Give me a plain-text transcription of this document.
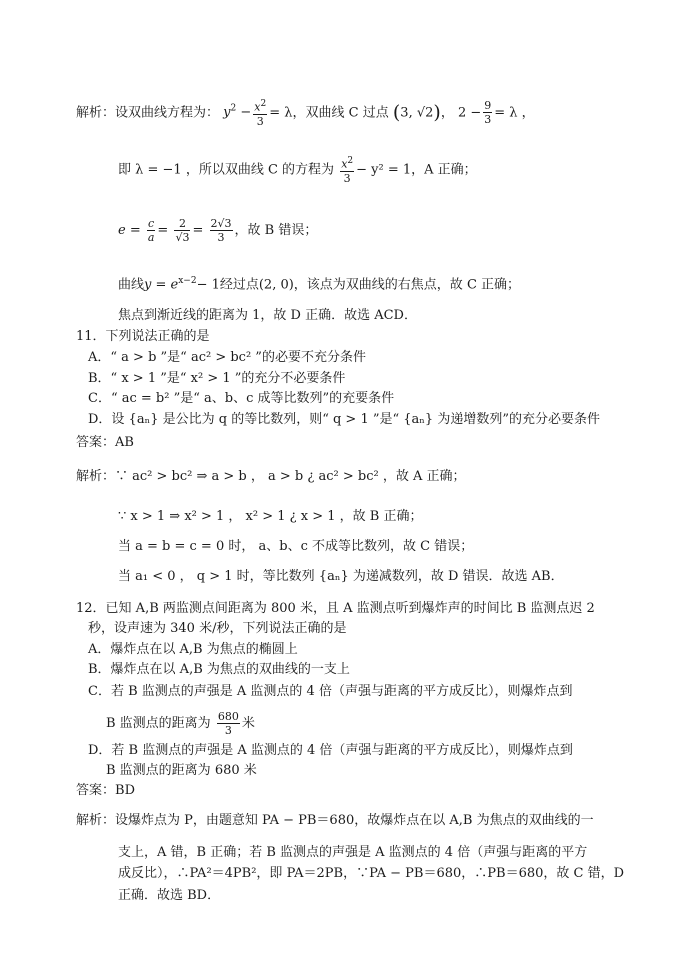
解析：设双曲线方程为： $y^2 - \frac{x^2}{3} = \lambda$，双曲线 C 过点 (3, √2)， $2 - \frac{9}{3} = \lambda$ ，
即 λ = −1 ，所以双曲线 C 的方程为 $\frac{x^2}{3} - y^2 = 1$，A 正确；
$e = \frac{c}{a} = \frac{2}{√3} = \frac{2√3}{3}$ ，故 B 错误；
曲线$y = e^{x-2}- 1$经过点(2, 0)，该点为双曲线的右焦点，故 C 正确；
焦点到渐近线的距离为 1，故 D 正确．故选 ACD．
11．下列说法正确的是
A．“ a > b ”是“ ac² > bc² ”的必要不充分条件
B．“ x > 1 ”是“ x² > 1 ”的充分不必要条件
C．“ ac = b² ”是“ a、b、c 成等比数列”的充要条件
D．设 {aₙ} 是公比为 q 的等比数列，则“ q > 1 ”是“ {aₙ} 为递增数列”的充分必要条件
答案：AB
解析：∵ ac² > bc² ⇒ a > b ， a > b ¿ ac² > bc² ，故 A 正确；
∵ x > 1 ⇒ x² > 1 ， x² > 1 ¿ x > 1 ，故 B 正确；
当 a = b = c = 0 时， a、b、c 不成等比数列，故 C 错误；
当 a₁ < 0 ， q > 1 时，等比数列 {aₙ} 为递减数列，故 D 错误．故选 AB．
12．已知 A,B 两监测点间距离为 800 米，且 A 监测点听到爆炸声的时间比 B 监测点迟 2
秒，设声速为 340 米/秒，下列说法正确的是
A．爆炸点在以 A,B 为焦点的椭圆上
B．爆炸点在以 A,B 为焦点的双曲线的一支上
C．若 B 监测点的声强是 A 监测点的 4 倍（声强与距离的平方成反比），则爆炸点到
B 监测点的距离为 $\frac{680}{3}$ 米
D．若 B 监测点的声强是 A 监测点的 4 倍（声强与距离的平方成反比），则爆炸点到
B 监测点的距离为 680 米
答案：BD
解析：设爆炸点为 P，由题意知 PA − PB＝680，故爆炸点在以 A,B 为焦点的双曲线的一
支上，A 错，B 正确；若 B 监测点的声强是 A 监测点的 4 倍（声强与距离的平方
成反比），∴PA²＝4PB²，即 PA＝2PB，∵PA − PB＝680，∴PB＝680，故 C 错，D
正确．故选 BD．
